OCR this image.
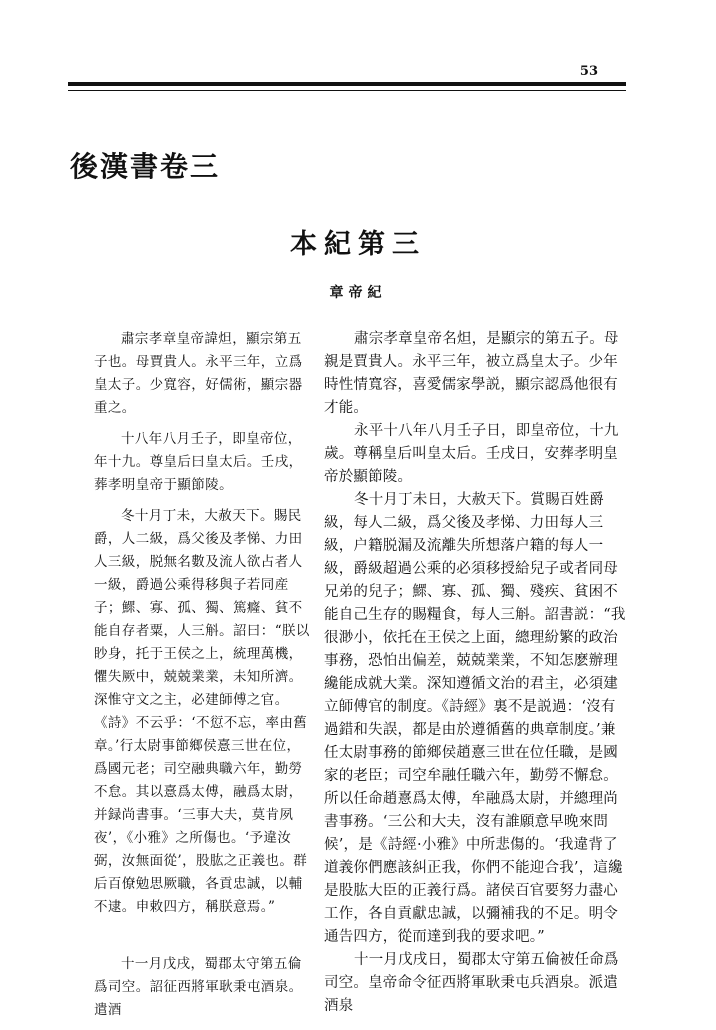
53
後漢書卷三
本紀第三
章帝紀

肅宗孝章皇帝諱炟，顯宗第五子也。母賈貴人。永平三年，立爲皇太子。少寬容，好儒術，顯宗器重之。

十八年八月壬子，即皇帝位，年十九。尊皇后曰皇太后。壬戌，葬孝明皇帝于顯節陵。

冬十月丁未，大赦天下。賜民爵，人二級，爲父後及孝悌、力田人三級，脱無名數及流人欲占者人一級，爵過公乘得移與子若同産子；鰥、寡、孤、獨、篤癃、貧不能自存者粟，人三斛。詔曰：“朕以眇身，托于王侯之上，統理萬機，懼失厥中，兢兢業業，未知所濟。深惟守文之主，必建師傅之官。《詩》不云乎：‘不愆不忘，率由舊章。’行太尉事節鄉侯憙三世在位，爲國元老；司空融典職六年，勤勞不怠。其以憙爲太傅，融爲太尉，并録尚書事。‘三事大夫，莫肯夙夜’，《小雅》之所傷也。‘予違汝弼，汝無面從’，股肱之正義也。群后百僚勉思厥職，各貢忠誠，以輔不逮。申敕四方，稱朕意焉。”

十一月戊戌，蜀郡太守第五倫爲司空。詔征西將軍耿秉屯酒泉。遣酒

肅宗孝章皇帝名炟，是顯宗的第五子。母親是賈貴人。永平三年，被立爲皇太子。少年時性情寬容，喜愛儒家學説，顯宗認爲他很有才能。

永平十八年八月壬子日，即皇帝位，十九歲。尊稱皇后叫皇太后。壬戌日，安葬孝明皇帝於顯節陵。

冬十月丁未日，大赦天下。賞賜百姓爵級，每人二級，爲父後及孝悌、力田每人三級，户籍脱漏及流離失所想落户籍的每人一級，爵級超過公乘的必須移授給兒子或者同母兄弟的兒子；鰥、寡、孤、獨、殘疾、貧困不能自己生存的賜糧食，每人三斛。詔書説：“我很渺小，依托在王侯之上面，總理紛繁的政治事務，恐怕出偏差，兢兢業業，不知怎麽辦理纔能成就大業。深知遵循文治的君主，必須建立師傅官的制度。《詩經》裏不是説過：‘沒有過錯和失誤，都是由於遵循舊的典章制度。’兼任太尉事務的節鄉侯趙憙三世在位任職，是國家的老臣；司空牟融任職六年，勤勞不懈怠。所以任命趙憙爲太傅，牟融爲太尉，并總理尚書事務。‘三公和大夫，沒有誰願意早晚來問候’，是《詩經·小雅》中所悲傷的。‘我違背了道義你們應該糾正我，你們不能迎合我’，這纔是股肱大臣的正義行爲。諸侯百官要努力盡心工作，各自貢獻忠誠，以彌補我的不足。明令通告四方，從而達到我的要求吧。”

十一月戊戌日，蜀郡太守第五倫被任命爲司空。皇帝命令征西將軍耿秉屯兵酒泉。派遣酒泉
